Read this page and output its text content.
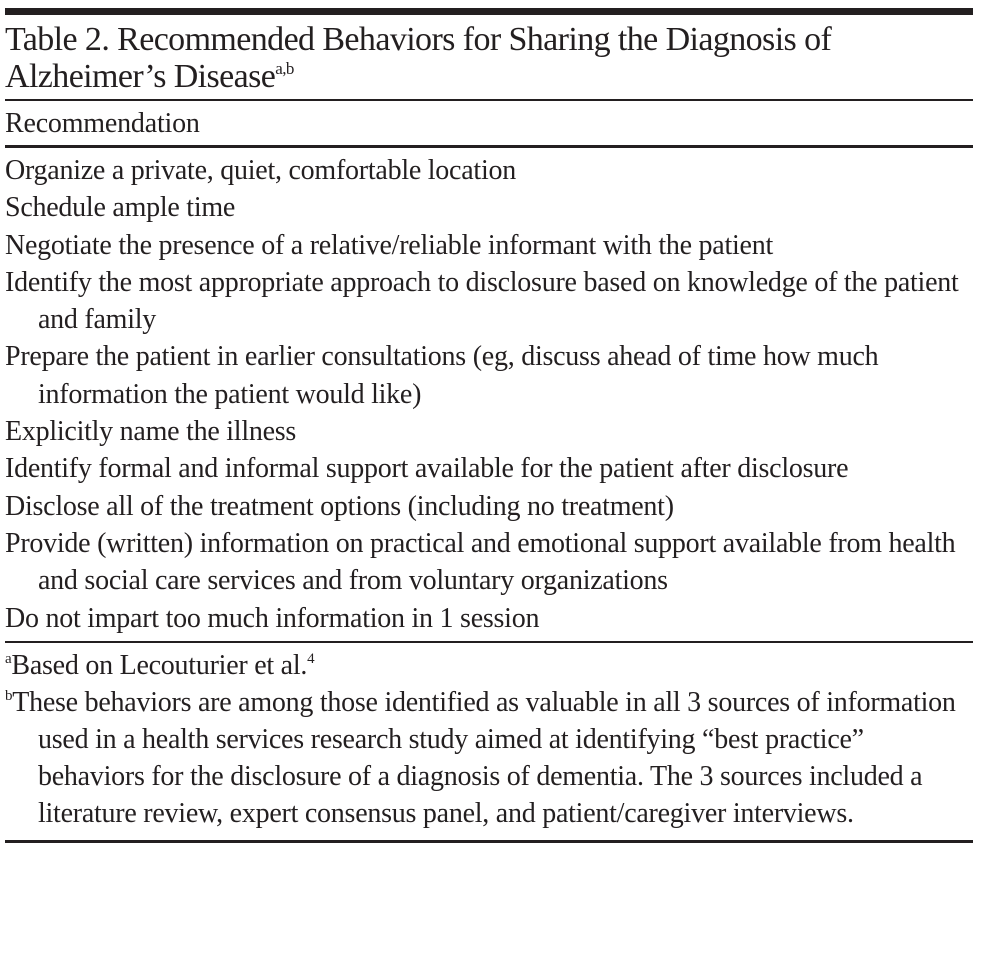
Table 2. Recommended Behaviors for Sharing the Diagnosis of Alzheimer’s Disease$^{a,b}$
Recommendation
Organize a private, quiet, comfortable location
Schedule ample time
Negotiate the presence of a relative/reliable informant with the patient
Identify the most appropriate approach to disclosure based on knowledge of the patient and family
Prepare the patient in earlier consultations (eg, discuss ahead of time how much information the patient would like)
Explicitly name the illness
Identify formal and informal support available for the patient after disclosure
Disclose all of the treatment options (including no treatment)
Provide (written) information on practical and emotional support available from health and social care services and from voluntary organizations
Do not impart too much information in 1 session
$^a$Based on Lecouturier et al.$^4$
$^b$These behaviors are among those identified as valuable in all 3 sources of information used in a health services research study aimed at identifying “best practice” behaviors for the disclosure of a diagnosis of dementia. The 3 sources included a literature review, expert consensus panel, and patient/caregiver interviews.
